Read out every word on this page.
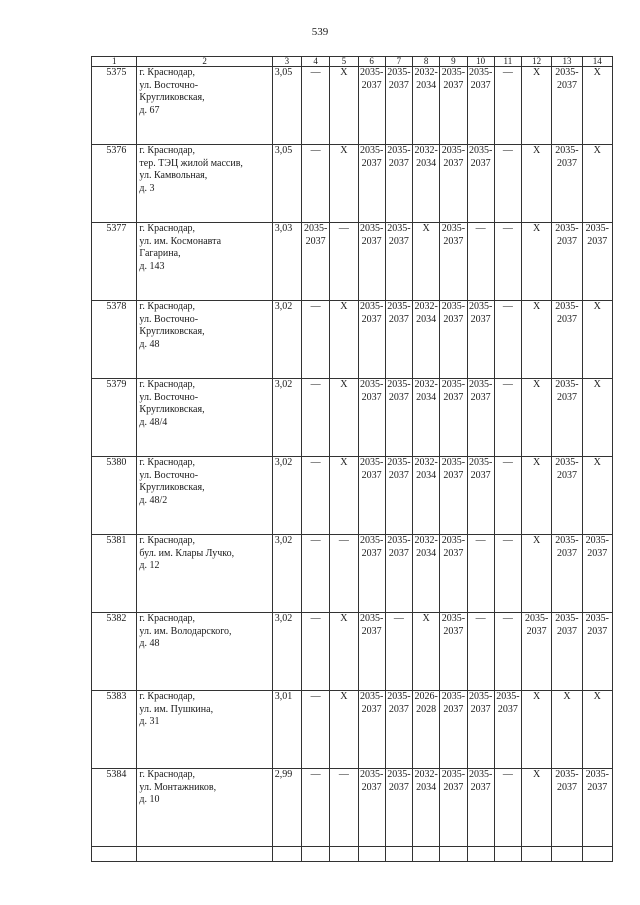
539
1	2	3	4	5	6	7	8	9	10	11	12	13	14
5375	г. Краснодар,
ул. Восточно-
Кругликовская,
д. 67	3,05	—	X	2035-2037	2035-2037	2032-2034	2035-2037	2035-2037	—	X	2035-2037	X
5376	г. Краснодар,
тер. ТЭЦ жилой массив,
ул. Камвольная,
д. 3	3,05	—	X	2035-2037	2035-2037	2032-2034	2035-2037	2035-2037	—	X	2035-2037	X
5377	г. Краснодар,
ул. им. Космонавта
Гагарина,
д. 143	3,03	2035-2037	—	2035-2037	2035-2037	X	2035-2037	—	—	X	2035-2037	2035-2037
5378	г. Краснодар,
ул. Восточно-
Кругликовская,
д. 48	3,02	—	X	2035-2037	2035-2037	2032-2034	2035-2037	2035-2037	—	X	2035-2037	X
5379	г. Краснодар,
ул. Восточно-
Кругликовская,
д. 48/4	3,02	—	X	2035-2037	2035-2037	2032-2034	2035-2037	2035-2037	—	X	2035-2037	X
5380	г. Краснодар,
ул. Восточно-
Кругликовская,
д. 48/2	3,02	—	X	2035-2037	2035-2037	2032-2034	2035-2037	2035-2037	—	X	2035-2037	X
5381	г. Краснодар,
бул. им. Клары Лучко,
д. 12	3,02	—	—	2035-2037	2035-2037	2032-2034	2035-2037	—	—	X	2035-2037	2035-2037
5382	г. Краснодар,
ул. им. Володарского,
д. 48	3,02	—	X	2035-2037	—	X	2035-2037	—	—	2035-2037	2035-2037	2035-2037
5383	г. Краснодар,
ул. им. Пушкина,
д. 31	3,01	—	X	2035-2037	2035-2037	2026-2028	2035-2037	2035-2037	2035-2037	X	X	X
5384	г. Краснодар,
ул. Монтажников,
д. 10	2,99	—	—	2035-2037	2035-2037	2032-2034	2035-2037	2035-2037	—	X	2035-2037	2035-2037
